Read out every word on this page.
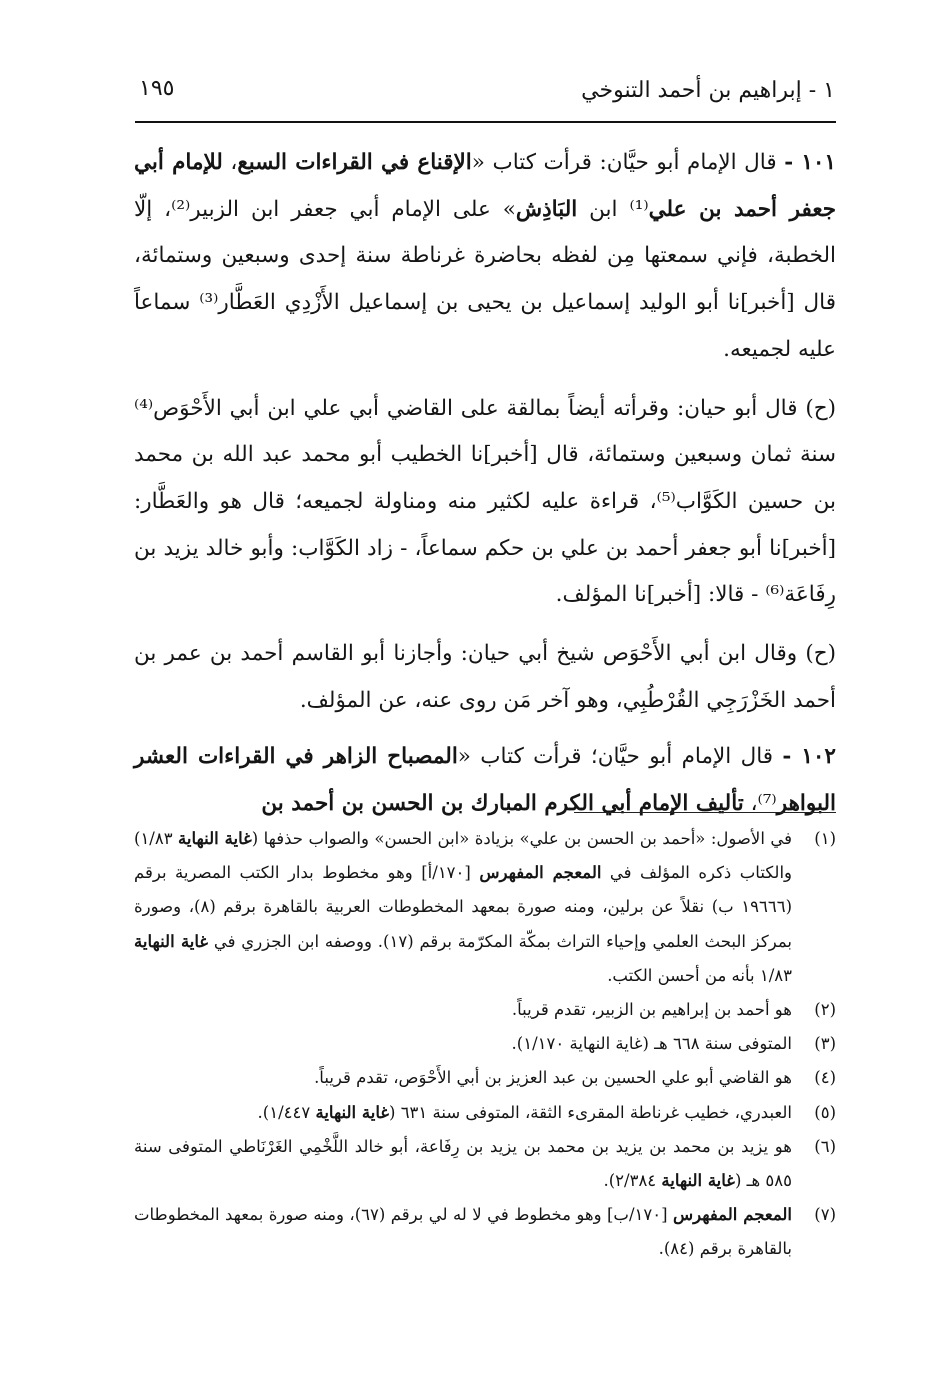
١ - إبراهيم بن أحمد التنوخي
١٩٥

١٠١ - قال الإمام أبو حيَّان: قرأت كتاب «الإقناع في القراءات السبع، للإمام أبي جعفر أحمد بن علي⁽¹⁾ ابن البَاذِش» على الإمام أبي جعفر ابن الزبير⁽²⁾، إلّا الخطبة، فإني سمعتها مِن لفظه بحاضرة غرناطة سنة إحدى وسبعين وستمائة، قال [أخبر]نا أبو الوليد إسماعيل بن يحيى بن إسماعيل الأَزْدِي العَطَّار⁽³⁾ سماعاً عليه لجميعه.

(ح) قال أبو حيان: وقرأته أيضاً بمالقة على القاضي أبي علي ابن أبي الأَحْوَص⁽⁴⁾ سنة ثمان وسبعين وستمائة، قال [أخبر]نا الخطيب أبو محمد عبد الله بن محمد بن حسين الكَوَّاب⁽⁵⁾، قراءة عليه لكثير منه ومناولة لجميعه؛ قال هو والعَطَّار: [أخبر]نا أبو جعفر أحمد بن علي بن حكم سماعاً، - زاد الكَوَّاب: وأبو خالد يزيد بن رِفَاعَة⁽⁶⁾ - قالا: [أخبر]نا المؤلف.

(ح) وقال ابن أبي الأَحْوَص شيخ أبي حيان: وأجازنا أبو القاسم أحمد بن عمر بن أحمد الخَزْرَجِي القُرْطُبِي، وهو آخر مَن روى عنه، عن المؤلف.

١٠٢ - قال الإمام أبو حيَّان؛ قرأت كتاب «المصباح الزاهر في القراءات العشر البواهر⁽⁷⁾، تأليف الإمام أبي الكرم المبارك بن الحسن بن أحمد بن

(١)
في الأصول: «أحمد بن الحسن بن علي» بزيادة «ابن الحسن» والصواب حذفها (غاية النهاية ١/٨٣) والكتاب ذكره المؤلف في المعجم المفهرس [١٧٠/أ] وهو مخطوط بدار الكتب المصرية برقم (١٩٦٦٦ ب) نقلاً عن برلين، ومنه صورة بمعهد المخطوطات العربية بالقاهرة برقم (٨)، وصورة بمركز البحث العلمي وإحياء التراث بمكّة المكرّمة برقم (١٧). ووصفه ابن الجزري في غاية النهاية ١/٨٣ بأنه من أحسن الكتب.
(٢)
هو أحمد بن إبراهيم بن الزبير، تقدم قريباً.
(٣)
المتوفى سنة ٦٦٨ هـ (غاية النهاية ١/١٧٠).
(٤)
هو القاضي أبو علي الحسين بن عبد العزيز بن أبي الأَحْوَص، تقدم قريباً.
(٥)
العبدري، خطيب غرناطة المقرىء الثقة، المتوفى سنة ٦٣١ (غاية النهاية ١/٤٤٧).
(٦)
هو يزيد بن محمد بن يزيد بن محمد بن يزيد بن رِفَاعة، أبو خالد اللَّخْمِي الغَرْنَاطي المتوفى سنة ٥٨٥ هـ (غاية النهاية ٢/٣٨٤).
(٧)
المعجم المفهرس [١٧٠/ب] وهو مخطوط في لا له لي برقم (٦٧)، ومنه صورة بمعهد المخطوطات بالقاهرة برقم (٨٤).
